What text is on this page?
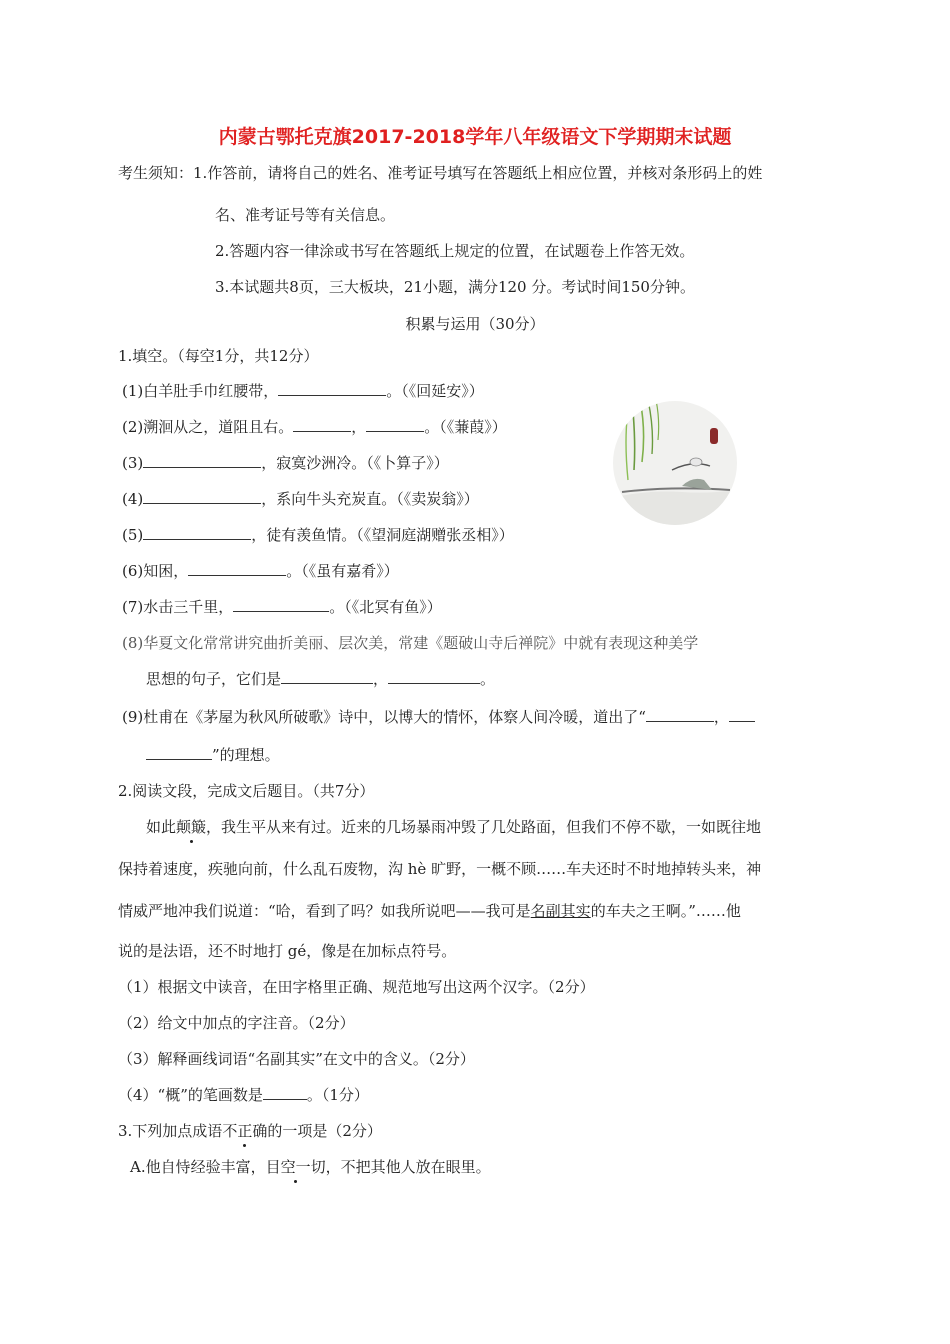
内蒙古鄂托克旗2017-2018学年八年级语文下学期期末试题
考生须知：1.作答前，请将自己的姓名、准考证号填写在答题纸上相应位置，并核对条形码上的姓
名、准考证号等有关信息。
2.答题内容一律涂或书写在答题纸上规定的位置，在试题卷上作答无效。
3.本试题共8页，三大板块，21小题，满分120 分。考试时间150分钟。
积累与运用（30分）
1.填空。（每空1分，共12分）
(1)白羊肚手巾红腰带，	。（《回延安》）
(2)溯洄从之，道阻且右。	，	。（《蒹葭》）
(3)	，寂寞沙洲冷。（《卜算子》）
(4)	，系向牛头充炭直。（《卖炭翁》）
(5)	，徒有羡鱼情。（《望洞庭湖赠张丞相》）
(6)知困，	。（《虽有嘉肴》）
(7)水击三千里，	。（《北冥有鱼》）
(8)华夏文化常常讲究曲折美丽、层次美，常建《题破山寺后禅院》中就有表现这种美学
思想的句子，它们是	，	。
(9)杜甫在《茅屋为秋风所破歌》诗中，以博大的情怀，体察人间冷暖，道出了“	，
”的理想。
2.阅读文段，完成文后题目。（共7分）
如此颠簸，我生平从来有过。近来的几场暴雨冲毁了几处路面，但我们不停不歇，一如既往地
保持着速度，疾驰向前，什么乱石废物，沟 hè 旷野，一概不顾……车夫还时不时地掉转头来，神
情威严地冲我们说道：“哈，看到了吗？如我所说吧——我可是名副其实的车夫之王啊。”……他
说的是法语，还不时地打 gé，像是在加标点符号。
（1）根据文中读音，在田字格里正确、规范地写出这两个汉字。（2分）
（2）给文中加点的字注音。（2分）
（3）解释画线词语“名副其实”在文中的含义。（2分）
（4）“概”的笔画数是	。（1分）
3.下列加点成语不正确的一项是（2分）
A.他自恃经验丰富，目空一切，不把其他人放在眼里。
